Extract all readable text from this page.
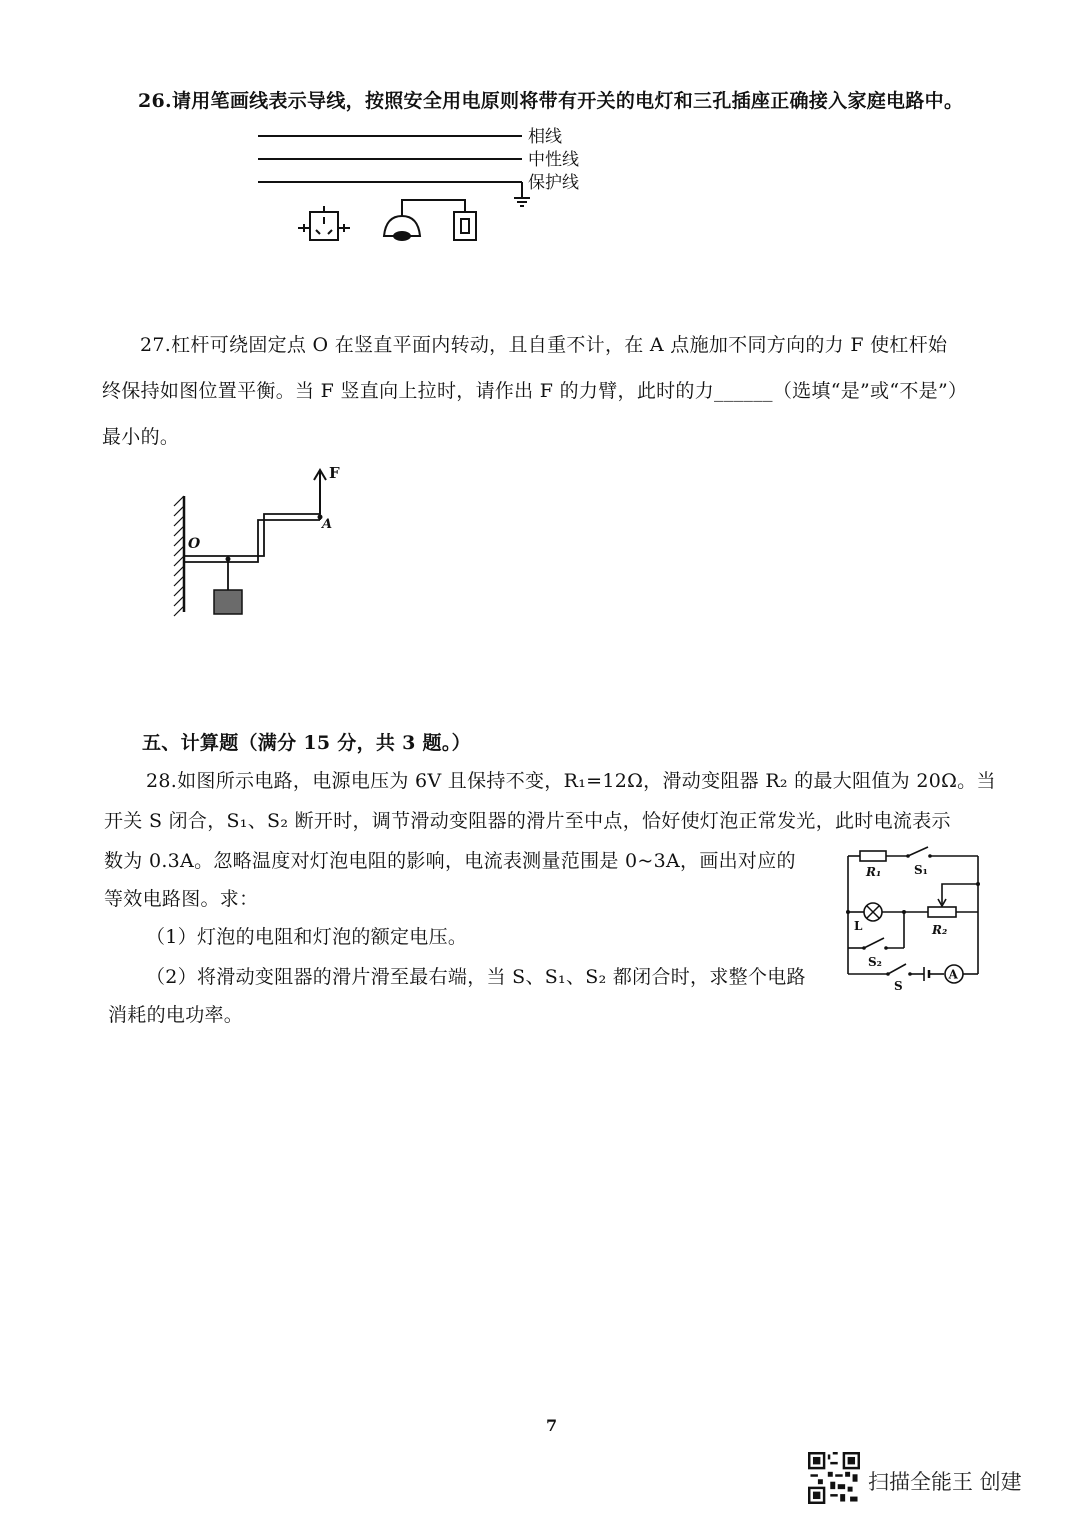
26.请用笔画线表示导线，按照安全用电原则将带有开关的电灯和三孔插座正确接入家庭电路中。
相线
中性线
保护线
27.杠杆可绕固定点 O 在竖直平面内转动，且自重不计，在 A 点施加不同方向的力 F 使杠杆始
终保持如图位置平衡。当 F 竖直向上拉时，请作出 F 的力臂，此时的力______（选填“是”或“不是”）
最小的。
F
O
A
五、计算题（满分 15 分，共 3 题。）
28.如图所示电路，电源电压为 6V 且保持不变，R₁=12Ω，滑动变阻器 R₂ 的最大阻值为 20Ω。当
开关 S 闭合，S₁、S₂ 断开时，调节滑动变阻器的滑片至中点，恰好使灯泡正常发光，此时电流表示
数为 0.3A。忽略温度对灯泡电阻的影响，电流表测量范围是 0~3A，画出对应的
等效电路图。求：
（1）灯泡的电阻和灯泡的额定电压。
（2）将滑动变阻器的滑片滑至最右端，当 S、S₁、S₂ 都闭合时，求整个电路
消耗的电功率。
R₁	S₁
L	R₂
S₂
A
S
7
扫描全能王 创建
